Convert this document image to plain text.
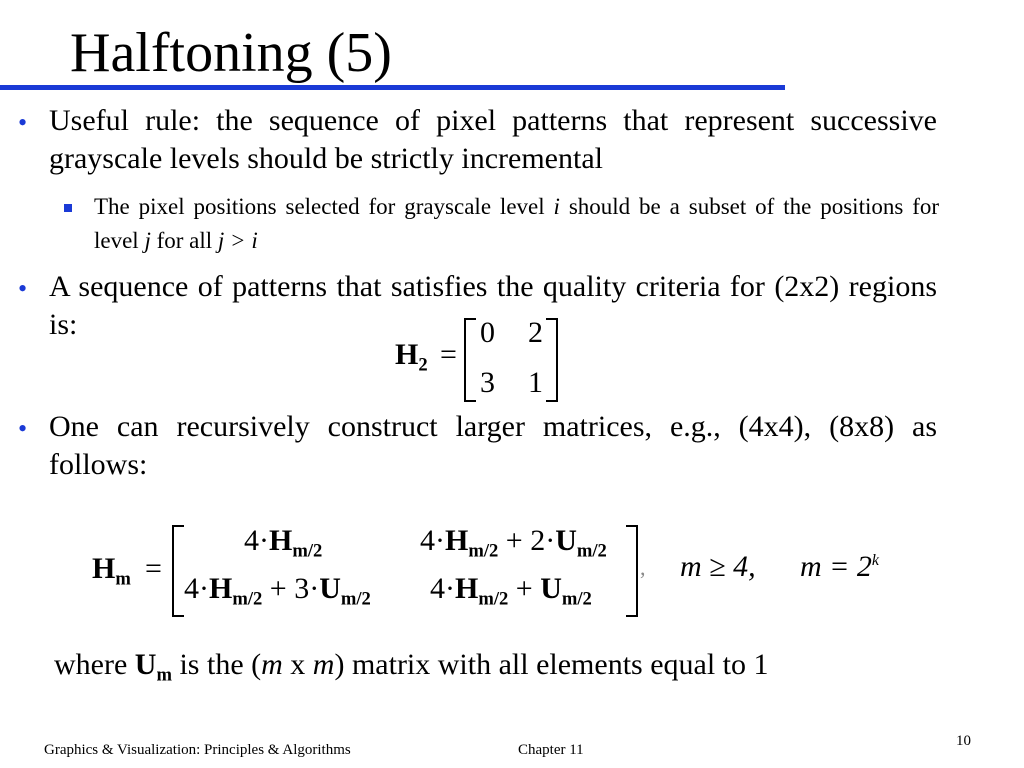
Halftoning (5)
• Useful rule: the sequence of pixel patterns that represent successive grayscale levels should be strictly incremental
The pixel positions selected for grayscale level i should be a subset of the positions for level j for all j > i
• A sequence of patterns that satisfies the quality criteria for (2x2) regions is:
$H_2$ =
0 2
3 1
• One can recursively construct larger matrices, e.g., (4x4), (8x8) as follows:
$H_m$ =
$4\cdot H_{m/2}$	$4\cdot H_{m/2} + 2\cdot U_{m/2}$
$4\cdot H_{m/2} + 3\cdot U_{m/2}$ $4\cdot H_{m/2} + U_{m/2}$
, m ≥ 4, $m = 2^k$
where $U_m$ is the (m x m) matrix with all elements equal to 1
Graphics & Visualization: Principles & Algorithms	Chapter 11
10
